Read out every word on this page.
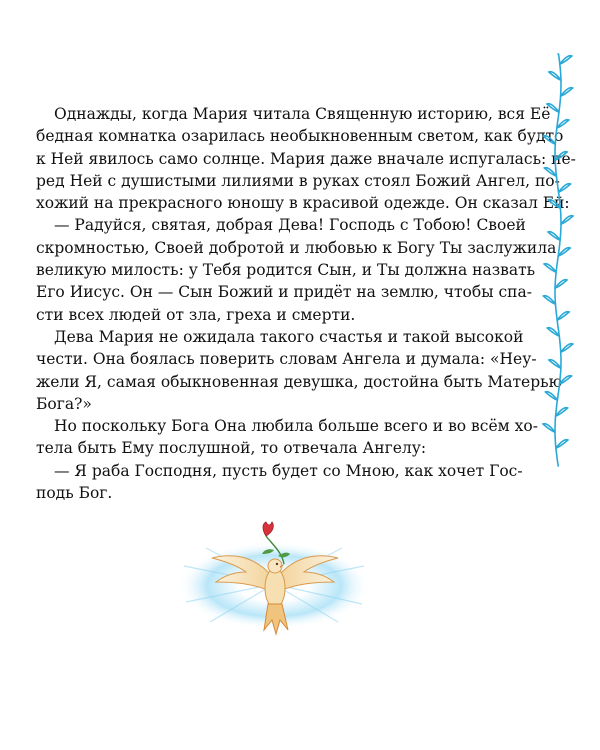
Однажды, когда Мария читала Священную историю, вся Её
бедная комнатка озарилась необыкновенным светом, как будто
к Ней явилось само солнце. Мария даже вначале испугалась: пе-
ред Ней с душистыми лилиями в руках стоял Божий Ангел, по-
хожий на прекрасного юношу в красивой одежде. Он сказал Ей:
— Радуйся, святая, добрая Дева! Господь с Тобою! Своей
скромностью, Своей добротой и любовью к Богу Ты заслужила
великую милость: у Тебя родится Сын, и Ты должна назвать
Его Иисус. Он — Сын Божий и придёт на землю, чтобы спа-
сти всех людей от зла, греха и смерти.
Дева Мария не ожидала такого счастья и такой высокой
чести. Она боялась поверить словам Ангела и думала: «Неу-
жели Я, самая обыкновенная девушка, достойна быть Матерью
Бога?»
Но поскольку Бога Она любила больше всего и во всём хо-
тела быть Ему послушной, то отвечала Ангелу:
— Я раба Господня, пусть будет со Мною, как хочет Гос-
подь Бог.
